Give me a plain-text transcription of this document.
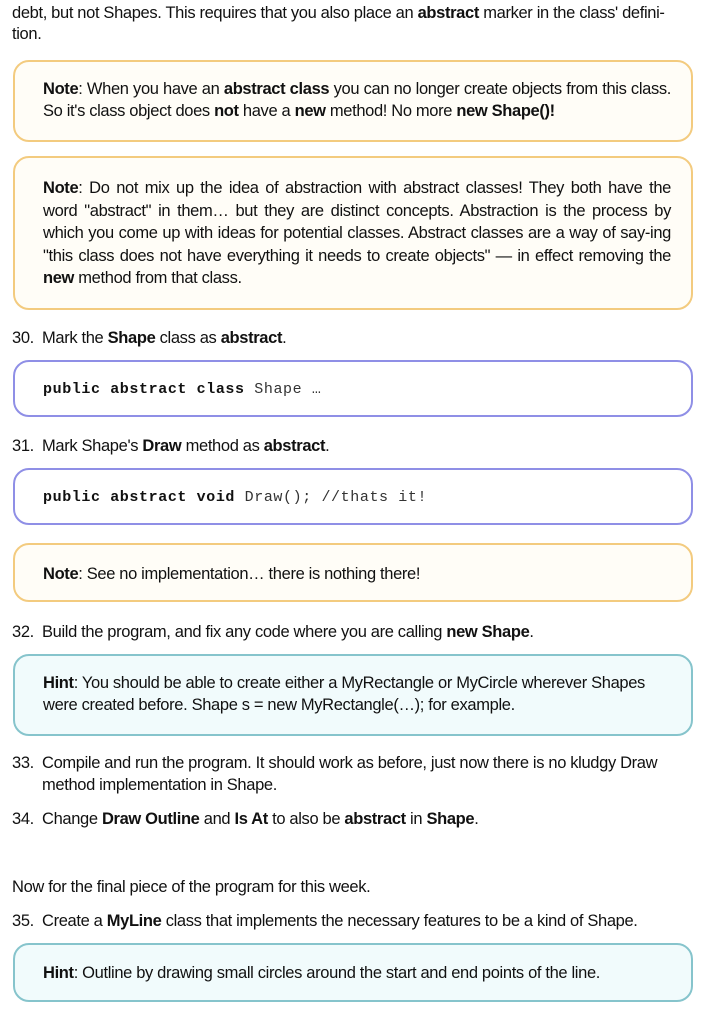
debt, but not Shapes. This requires that you also place an abstract marker in the class' defini-
tion.
Note: When you have an abstract class you can no longer create objects from this class. So it's class object does not have a new method! No more new Shape()!
Note: Do not mix up the idea of abstraction with abstract classes! They both have the word "abstract" in them… but they are distinct concepts. Abstraction is the process by which you come up with ideas for potential classes. Abstract classes are a way of say-ing "this class does not have everything it needs to create objects" — in effect removing the new method from that class.
30. Mark the Shape class as abstract.
public abstract class Shape …
31. Mark Shape's Draw method as abstract.
public abstract void Draw(); //thats it!
Note: See no implementation… there is nothing there!
32. Build the program, and fix any code where you are calling new Shape.
Hint: You should be able to create either a MyRectangle or MyCircle wherever Shapes were created before. Shape s = new MyRectangle(…); for example.
33. Compile and run the program. It should work as before, just now there is no kludgy Draw
method implementation in Shape.
34. Change Draw Outline and Is At to also be abstract in Shape.
Now for the final piece of the program for this week.
35. Create a MyLine class that implements the necessary features to be a kind of Shape.
Hint: Outline by drawing small circles around the start and end points of the line.
